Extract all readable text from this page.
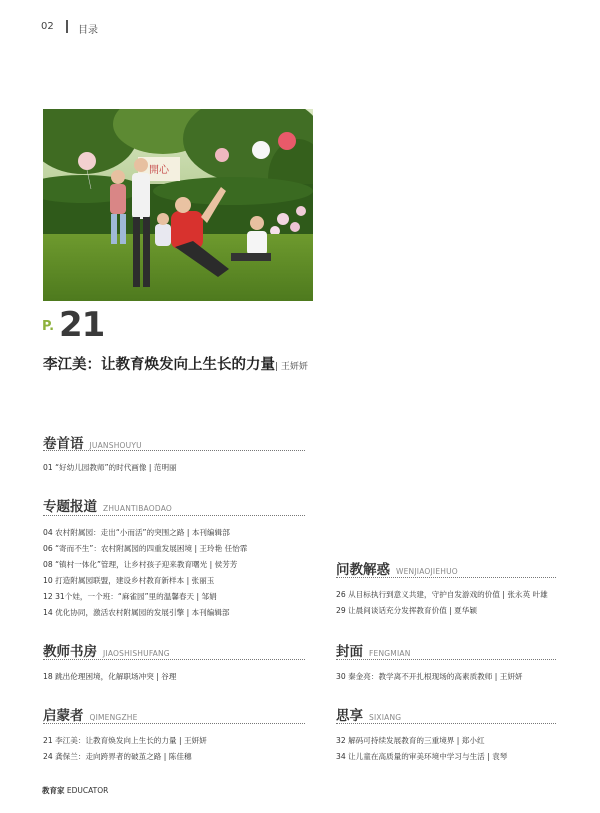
02 目录
開心
P. 21
李江美：让教育焕发向上生长的力量| 王妍妍
卷首语 JUANSHOUYU
01 “好幼儿园教师”的时代画像 | 范明丽
专题报道 ZHUANTIBAODAO
04 农村附属园：走出“小而活”的突围之路 | 本刊编辑部
06 “寄而不生”：农村附属园的四重发展困境 | 王玲艳 任怡霏
08 “镇村一体化”管理，让乡村孩子迎来教育曙光 | 侯芳芳
10 打造附属园联盟，建设乡村教育新样本 | 张丽玉
12 31个娃，一个班：“麻雀园”里的温馨春天 | 邹娟
14 优化协同，激活农村附属园的发展引擎 | 本刊编辑部
教师书房 JIAOSHISHUFANG
18 跳出伦理困境，化解职场冲突 | 谷理
启蒙者 QIMENGZHE
21 李江美：让教育焕发向上生长的力量 | 王妍妍
24 龚保兰：走向跨界者的破茧之路 | 陈佳穗
问教解惑 WENJIAOJIEHUO
26 从目标执行到意义共建，守护自发游戏的价值 | 张永英 叶雄
29 让晨间谈话充分发挥教育价值 | 夏华颖
封面 FENGMIAN
30 秦金亮：教学离不开扎根现场的高素质教师 | 王妍妍
思享 SIXIANG
32 解码可持续发展教育的三重境界 | 郑小红
34 让儿童在高质量的审美环境中学习与生活 | 袁琴
教育家 EDUCATOR
